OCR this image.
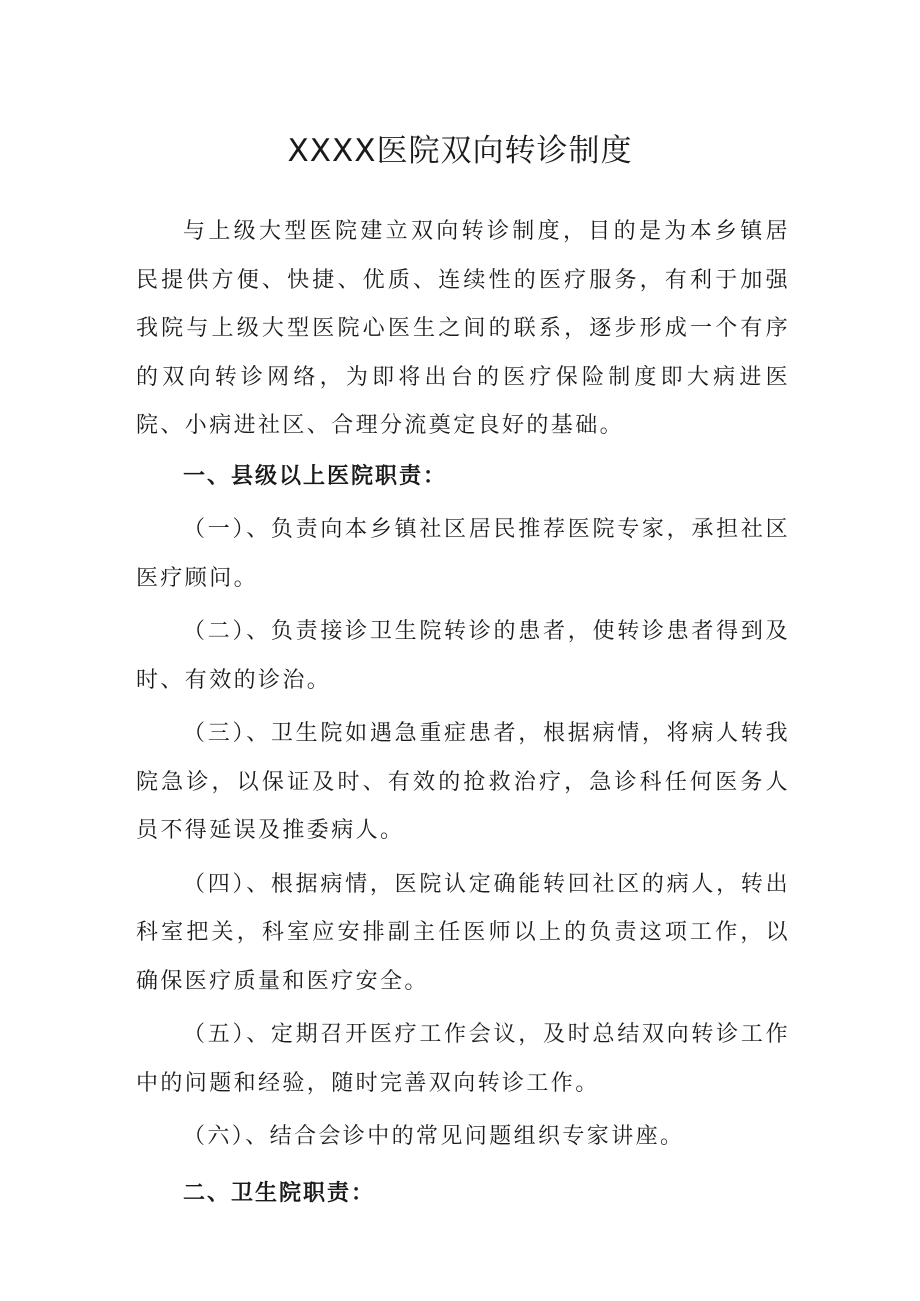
XXXX医院双向转诊制度

与上级大型医院建立双向转诊制度，目的是为本乡镇居民提供方便、快捷、优质、连续性的医疗服务，有利于加强我院与上级大型医院心医生之间的联系，逐步形成一个有序的双向转诊网络，为即将出台的医疗保险制度即大病进医院、小病进社区、合理分流奠定良好的基础。

一、县级以上医院职责：

（一）、负责向本乡镇社区居民推荐医院专家，承担社区医疗顾问。

（二）、负责接诊卫生院转诊的患者，使转诊患者得到及时、有效的诊治。

（三）、卫生院如遇急重症患者，根据病情，将病人转我院急诊，以保证及时、有效的抢救治疗，急诊科任何医务人员不得延误及推委病人。

（四）、根据病情，医院认定确能转回社区的病人，转出科室把关，科室应安排副主任医师以上的负责这项工作，以确保医疗质量和医疗安全。

（五）、定期召开医疗工作会议，及时总结双向转诊工作中的问题和经验，随时完善双向转诊工作。

（六）、结合会诊中的常见问题组织专家讲座。

二、卫生院职责：
